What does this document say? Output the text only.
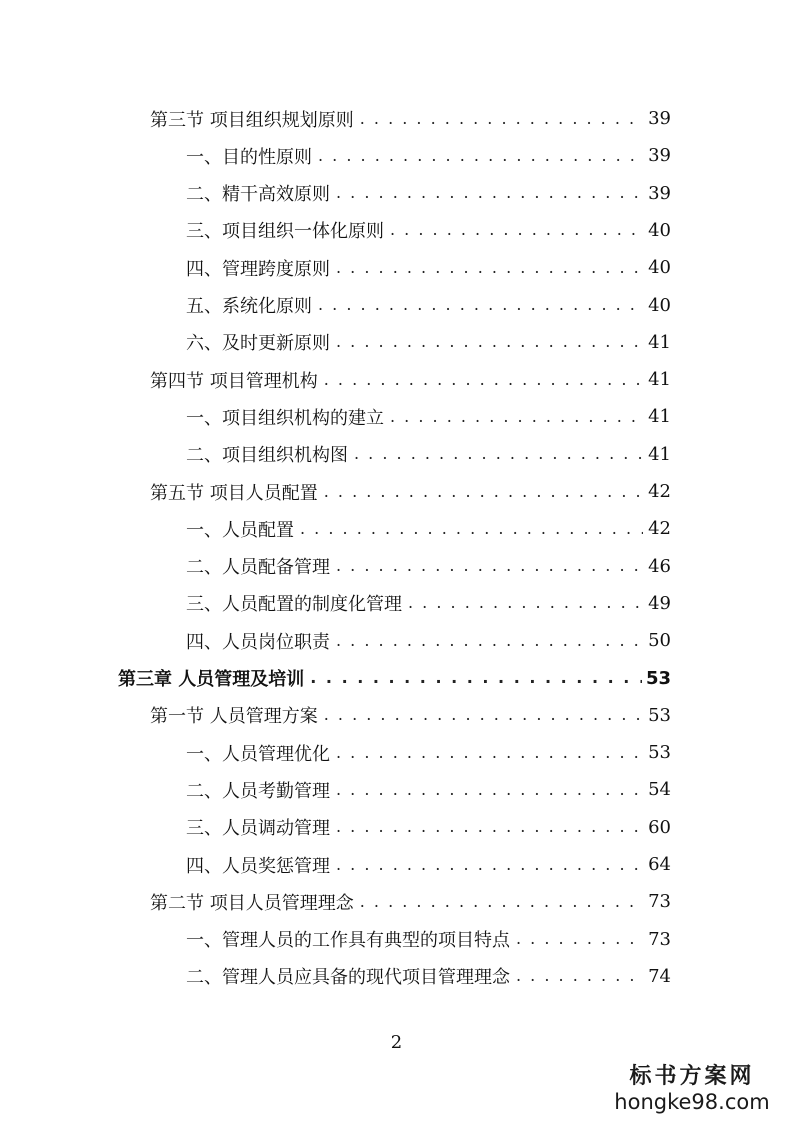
第三节 项目组织规划原则 . . .	39
一、目的性原则 . . .	39
二、精干高效原则 . . .	39
三、项目组织一体化原则 . . .	40
四、管理跨度原则 . . .	40
五、系统化原则 . . .	40
六、及时更新原则 . . .	41
第四节 项目管理机构 . . .	41
一、项目组织机构的建立 . . .	41
二、项目组织机构图 . . .	41
第五节 项目人员配置 . . .	42
一、人员配置 . . .	42
二、人员配备管理 . . .	46
三、人员配置的制度化管理 . . .	49
四、人员岗位职责 . . .	50
第三章 人员管理及培训 . . .	53
第一节 人员管理方案 . . .	53
一、人员管理优化 . . .	53
二、人员考勤管理 . . .	54
三、人员调动管理 . . .	60
四、人员奖惩管理 . . .	64
第二节 项目人员管理理念 . . .	73
一、管理人员的工作具有典型的项目特点 . . .	73
二、管理人员应具备的现代项目管理理念 . . .	74
2
标书方案网
hongke98.com
